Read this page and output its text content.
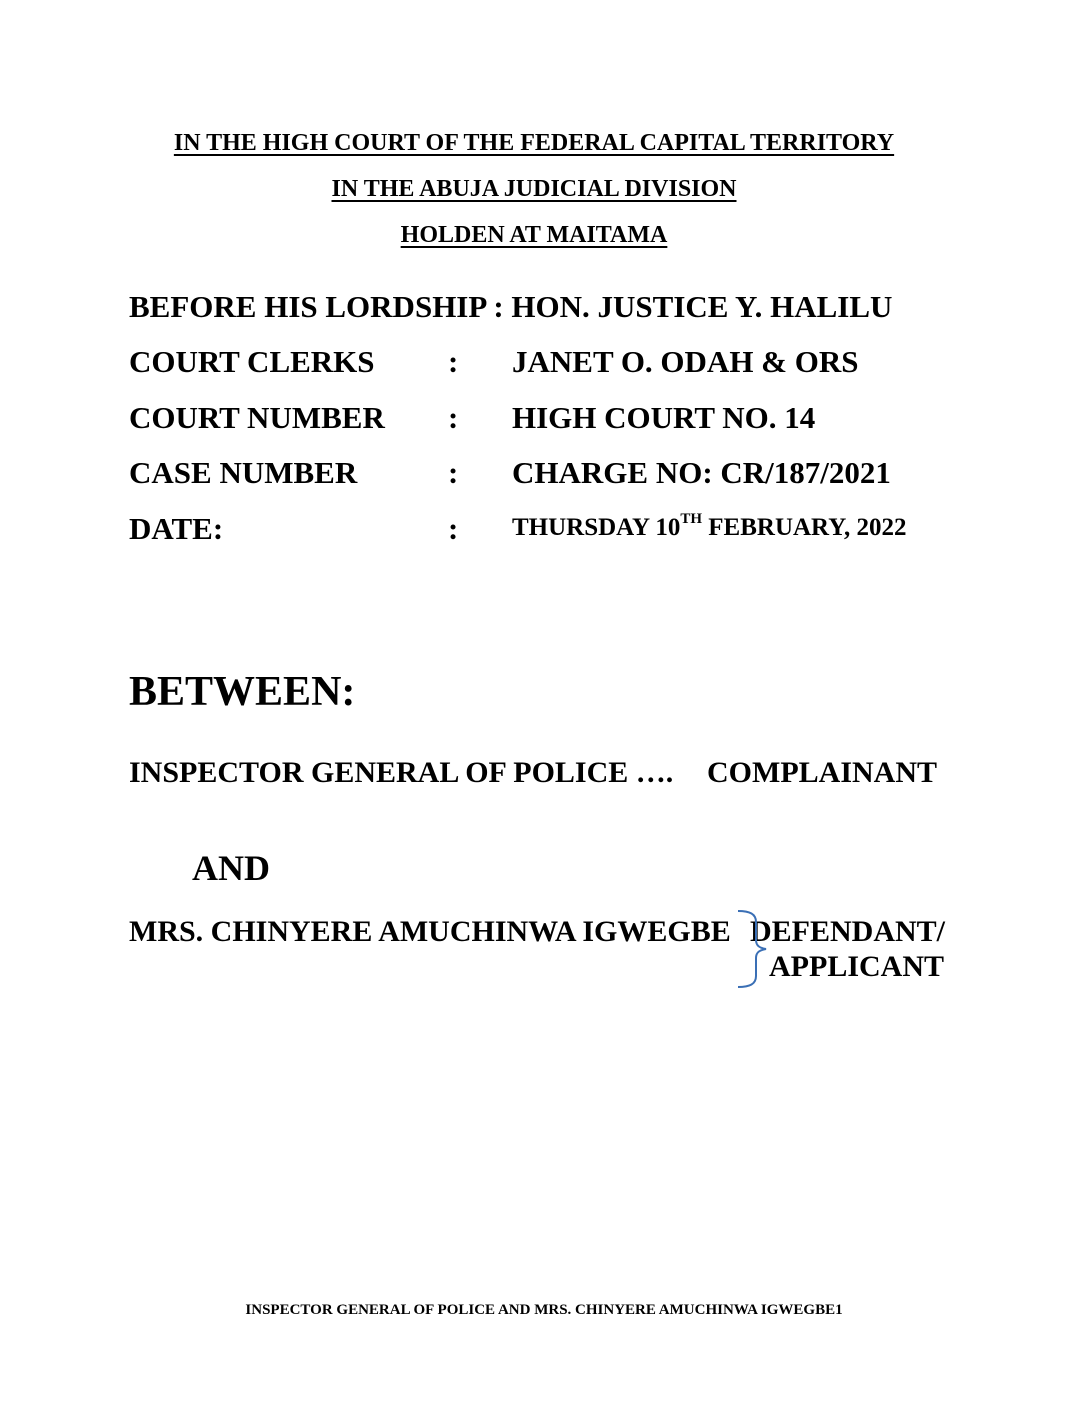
IN THE HIGH COURT OF THE FEDERAL CAPITAL TERRITORY
IN THE ABUJA JUDICIAL DIVISION
HOLDEN AT MAITAMA
BEFORE HIS LORDSHIP : HON. JUSTICE Y. HALILU
COURT CLERKS : JANET O. ODAH & ORS
COURT NUMBER : HIGH COURT NO. 14
CASE NUMBER	: CHARGE NO: CR/187/2021
DATE:	: THURSDAY 10TH FEBRUARY, 2022
BETWEEN:
INSPECTOR GENERAL OF POLICE …. COMPLAINANT
AND
MRS. CHINYERE AMUCHINWA IGWEGBE DEFENDANT/
APPLICANT
INSPECTOR GENERAL OF POLICE AND MRS. CHINYERE AMUCHINWA IGWEGBE1
